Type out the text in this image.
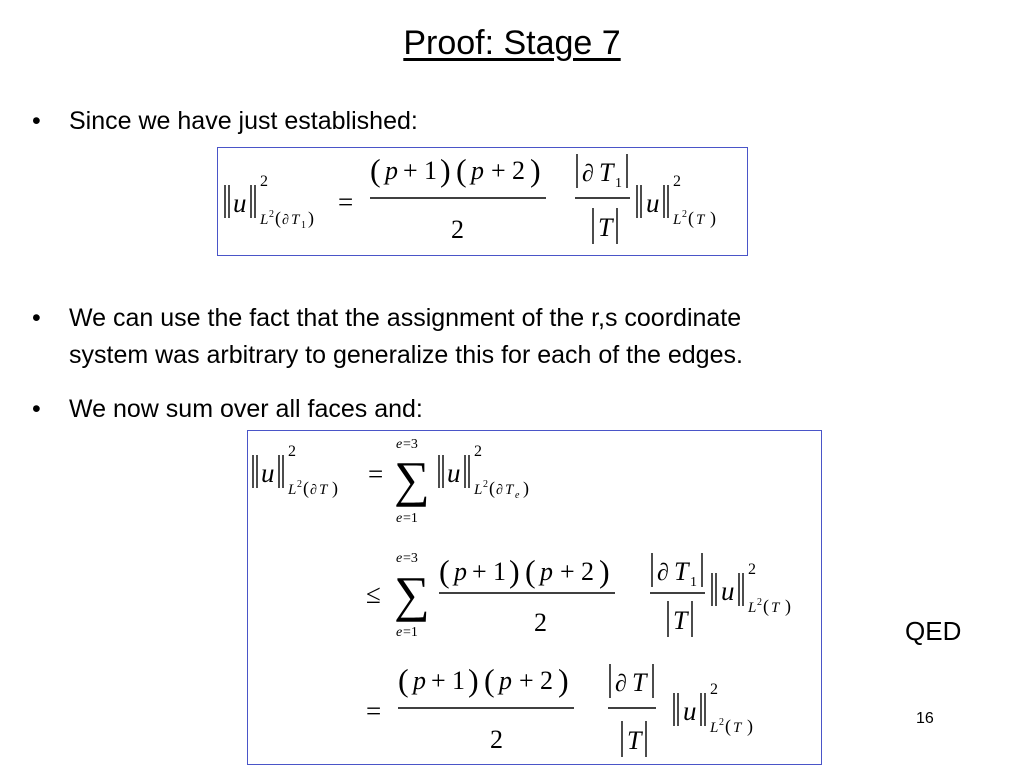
Proof: Stage 7
• Since we have just established:
u
2
L 2 ( ∂ T 1 )
=
( p + 1 ) ( p + 2 )
2
∂ T 1
T
u
2
L 2 ( T )
• We can use the fact that the assignment of the r,s coordinate
system was arbitrary to generalize this for each of the edges.
• We now sum over all faces and:
u
2
L 2 ( ∂ T ) =
e =3
∑
e =1
u
2
L 2 ( ∂ T e )
≤
e =3
∑
e =1
( p + 1 ) ( p + 2 )
2
∂ T 1
T
u
2
L 2 ( T )
=
( p + 1 ) ( p + 2 )
2
∂ T
T
u
2
L 2 ( T )
QED
16
